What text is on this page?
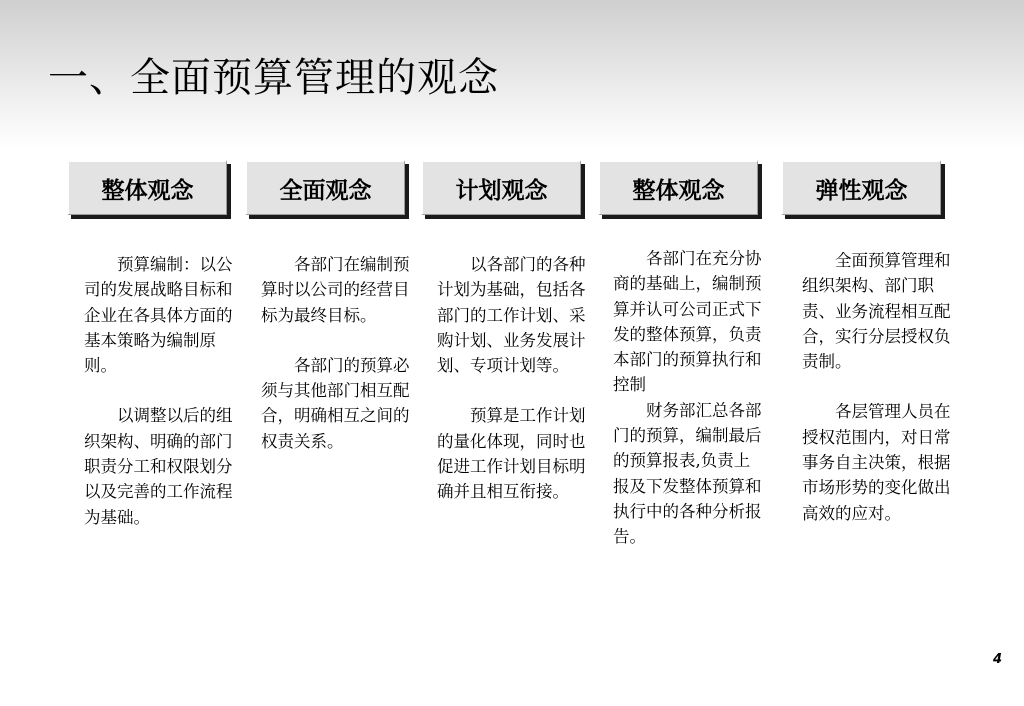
一、全面预算管理的观念
整体观念

预算编制：以公司的发展战略目标和企业在各具体方面的基本策略为编制原则。

以调整以后的组织架构、明确的部门职责分工和权限划分以及完善的工作流程为基础。

全面观念

各部门在编制预算时以公司的经营目标为最终目标。

各部门的预算必须与其他部门相互配合，明确相互之间的权责关系。

计划观念

以各部门的各种计划为基础，包括各部门的工作计划、采购计划、业务发展计划、专项计划等。

预算是工作计划的量化体现，同时也促进工作计划目标明确并且相互衔接。

整体观念

各部门在充分协商的基础上，编制预算并认可公司正式下发的整体预算，负责本部门的预算执行和控制

财务部汇总各部门的预算，编制最后的预算报表,负责上报及下发整体预算和执行中的各种分析报告。

弹性观念

全面预算管理和组织架构、部门职责、业务流程相互配合，实行分层授权负责制。

各层管理人员在授权范围内，对日常事务自主决策，根据市场形势的变化做出高效的应对。

4
